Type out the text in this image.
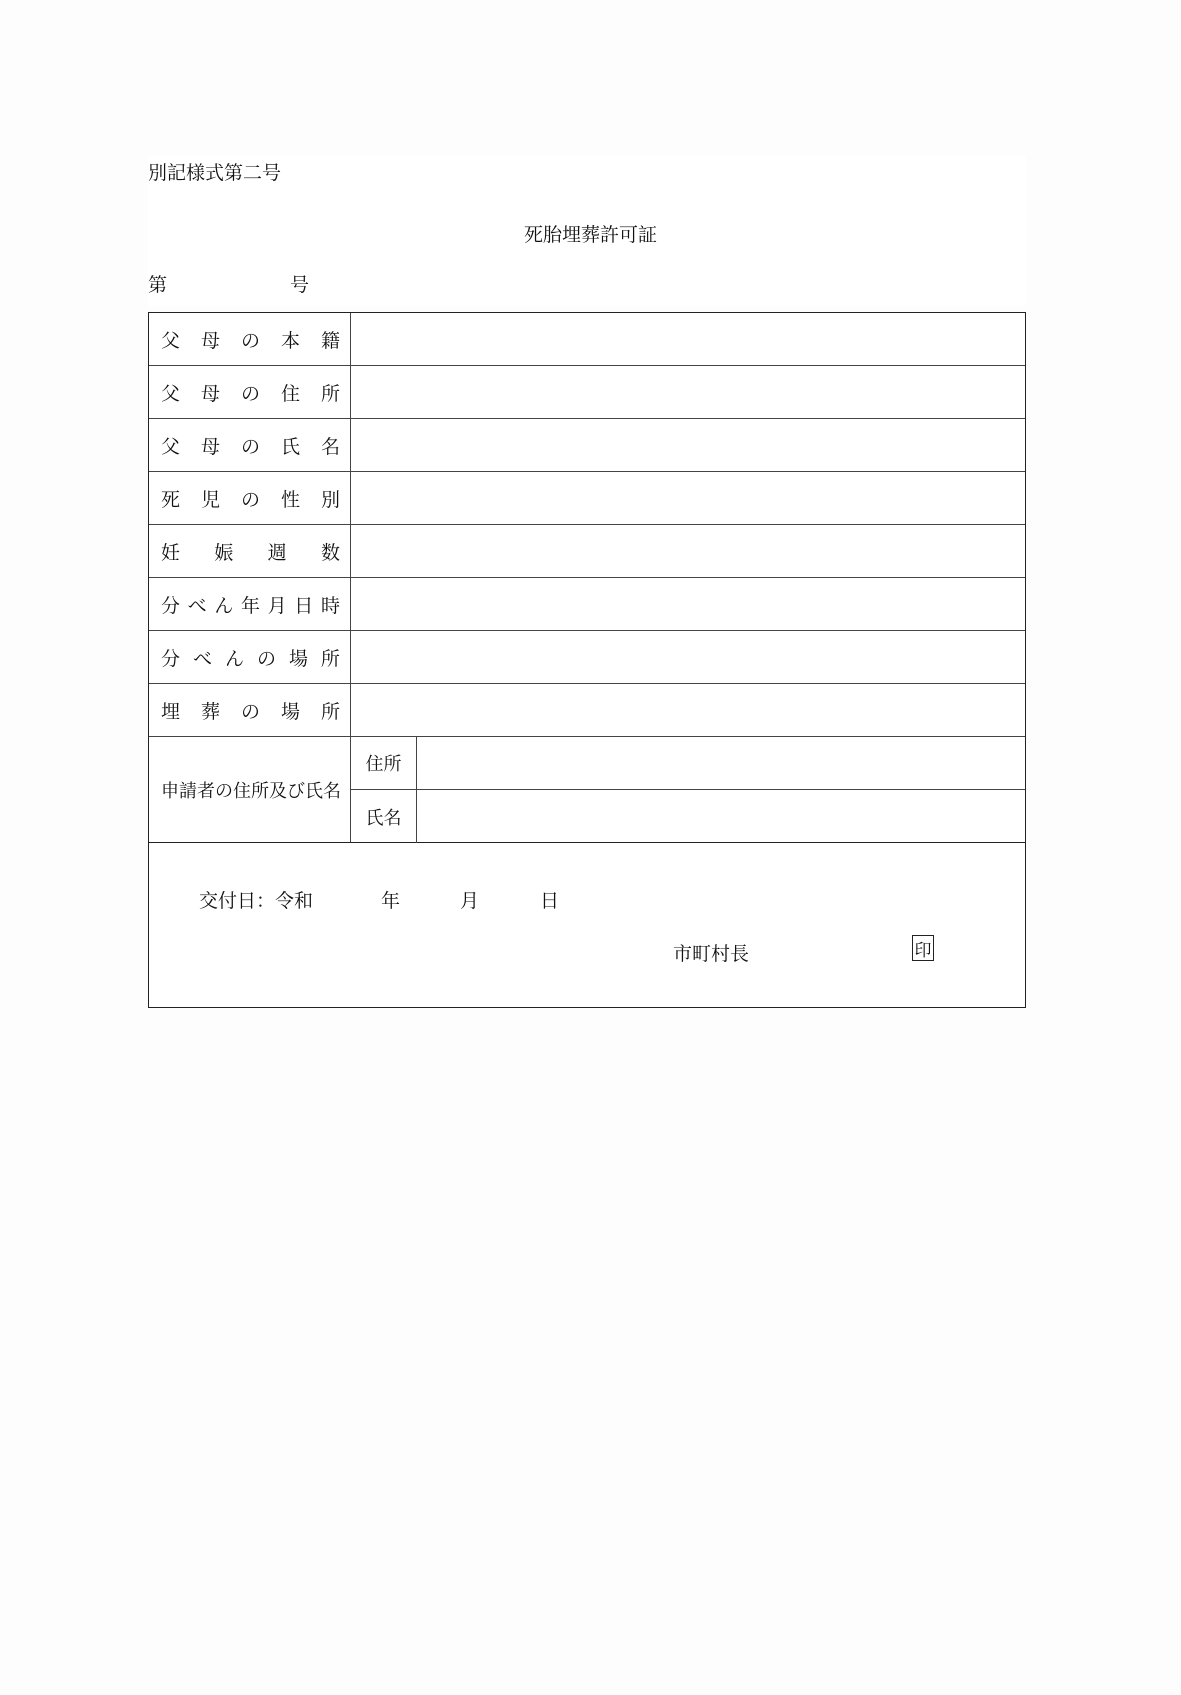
別記様式第二号
死胎埋葬許可証
第	号
父 母 の 本 籍
父 母 の 住 所
父 母 の 氏 名
死 児 の 性 別
妊 娠 週 数
分 べ ん 年 月 日 時
分 べ ん の 場 所
埋 葬 の 場 所
申請者の住所及び氏名
住所
氏名
交付日：令和	年	月	日
市町村長	印
